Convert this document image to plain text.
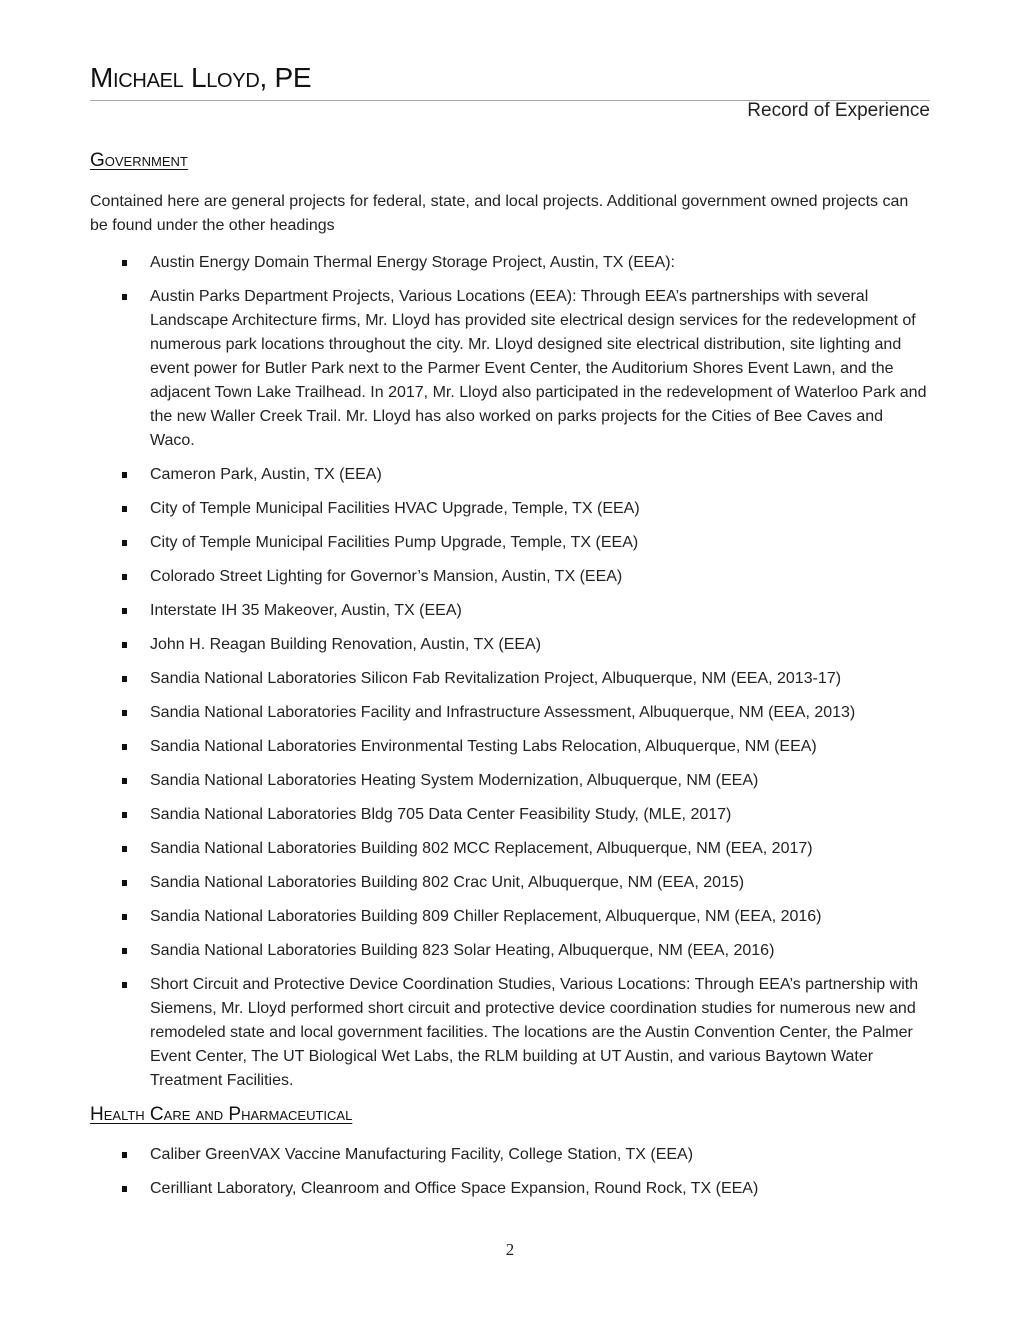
Michael Lloyd, PE
Record of Experience
Government
Contained here are general projects for federal, state, and local projects. Additional government owned projects can be found under the other headings
Austin Energy Domain Thermal Energy Storage Project, Austin, TX (EEA):
Austin Parks Department Projects, Various Locations (EEA): Through EEA’s partnerships with several Landscape Architecture firms, Mr. Lloyd has provided site electrical design services for the redevelopment of numerous park locations throughout the city. Mr. Lloyd designed site electrical distribution, site lighting and event power for Butler Park next to the Parmer Event Center, the Auditorium Shores Event Lawn, and the adjacent Town Lake Trailhead. In 2017, Mr. Lloyd also participated in the redevelopment of Waterloo Park and the new Waller Creek Trail. Mr. Lloyd has also worked on parks projects for the Cities of Bee Caves and Waco.
Cameron Park, Austin, TX (EEA)
City of Temple Municipal Facilities HVAC Upgrade, Temple, TX (EEA)
City of Temple Municipal Facilities Pump Upgrade, Temple, TX (EEA)
Colorado Street Lighting for Governor’s Mansion, Austin, TX (EEA)
Interstate IH 35 Makeover, Austin, TX (EEA)
John H. Reagan Building Renovation, Austin, TX (EEA)
Sandia National Laboratories Silicon Fab Revitalization Project, Albuquerque, NM (EEA, 2013-17)
Sandia National Laboratories Facility and Infrastructure Assessment, Albuquerque, NM (EEA, 2013)
Sandia National Laboratories Environmental Testing Labs Relocation, Albuquerque, NM (EEA)
Sandia National Laboratories Heating System Modernization, Albuquerque, NM (EEA)
Sandia National Laboratories Bldg 705 Data Center Feasibility Study, (MLE, 2017)
Sandia National Laboratories Building 802 MCC Replacement, Albuquerque, NM (EEA, 2017)
Sandia National Laboratories Building 802 Crac Unit, Albuquerque, NM (EEA, 2015)
Sandia National Laboratories Building 809 Chiller Replacement, Albuquerque, NM (EEA, 2016)
Sandia National Laboratories Building 823 Solar Heating, Albuquerque, NM (EEA, 2016)
Short Circuit and Protective Device Coordination Studies, Various Locations: Through EEA’s partnership with Siemens, Mr. Lloyd performed short circuit and protective device coordination studies for numerous new and remodeled state and local government facilities. The locations are the Austin Convention Center, the Palmer Event Center, The UT Biological Wet Labs, the RLM building at UT Austin, and various Baytown Water Treatment Facilities.
Health Care and Pharmaceutical
Caliber GreenVAX Vaccine Manufacturing Facility, College Station, TX (EEA)
Cerilliant Laboratory, Cleanroom and Office Space Expansion, Round Rock, TX (EEA)
2
